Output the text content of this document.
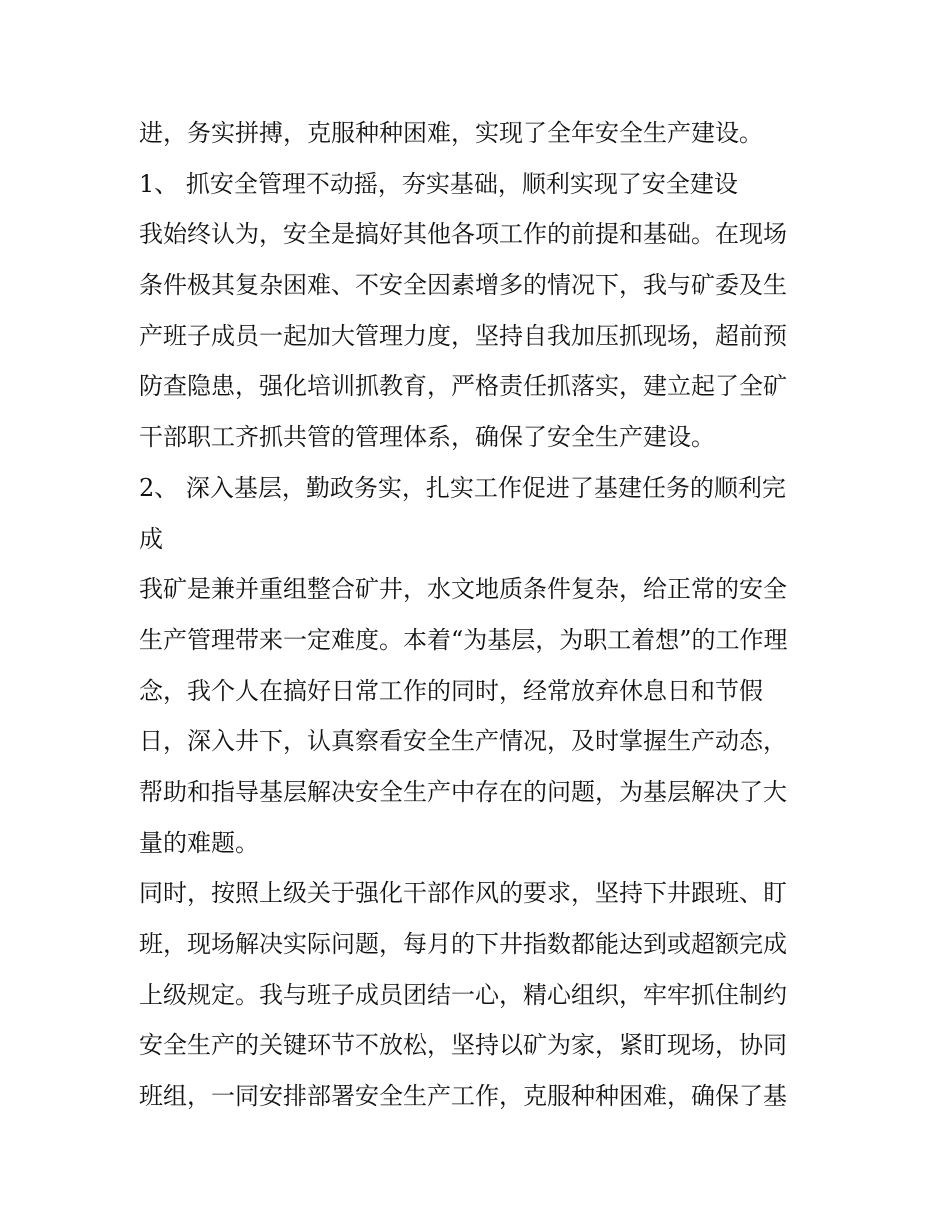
进，务实拼搏，克服种种困难，实现了全年安全生产建设。
1、 抓安全管理不动摇，夯实基础，顺利实现了安全建设
我始终认为，安全是搞好其他各项工作的前提和基础。在现场
条件极其复杂困难、不安全因素增多的情况下，我与矿委及生
产班子成员一起加大管理力度，坚持自我加压抓现场，超前预
防查隐患，强化培训抓教育，严格责任抓落实，建立起了全矿
干部职工齐抓共管的管理体系，确保了安全生产建设。
2、 深入基层，勤政务实，扎实工作促进了基建任务的顺利完
成
我矿是兼并重组整合矿井，水文地质条件复杂，给正常的安全
生产管理带来一定难度。本着“为基层，为职工着想”的工作理
念，我个人在搞好日常工作的同时，经常放弃休息日和节假
日，深入井下，认真察看安全生产情况，及时掌握生产动态，
帮助和指导基层解决安全生产中存在的问题，为基层解决了大
量的难题。
同时，按照上级关于强化干部作风的要求，坚持下井跟班、盯
班，现场解决实际问题，每月的下井指数都能达到或超额完成
上级规定。我与班子成员团结一心，精心组织，牢牢抓住制约
安全生产的关键环节不放松，坚持以矿为家，紧盯现场，协同
班组，一同安排部署安全生产工作，克服种种困难，确保了基
